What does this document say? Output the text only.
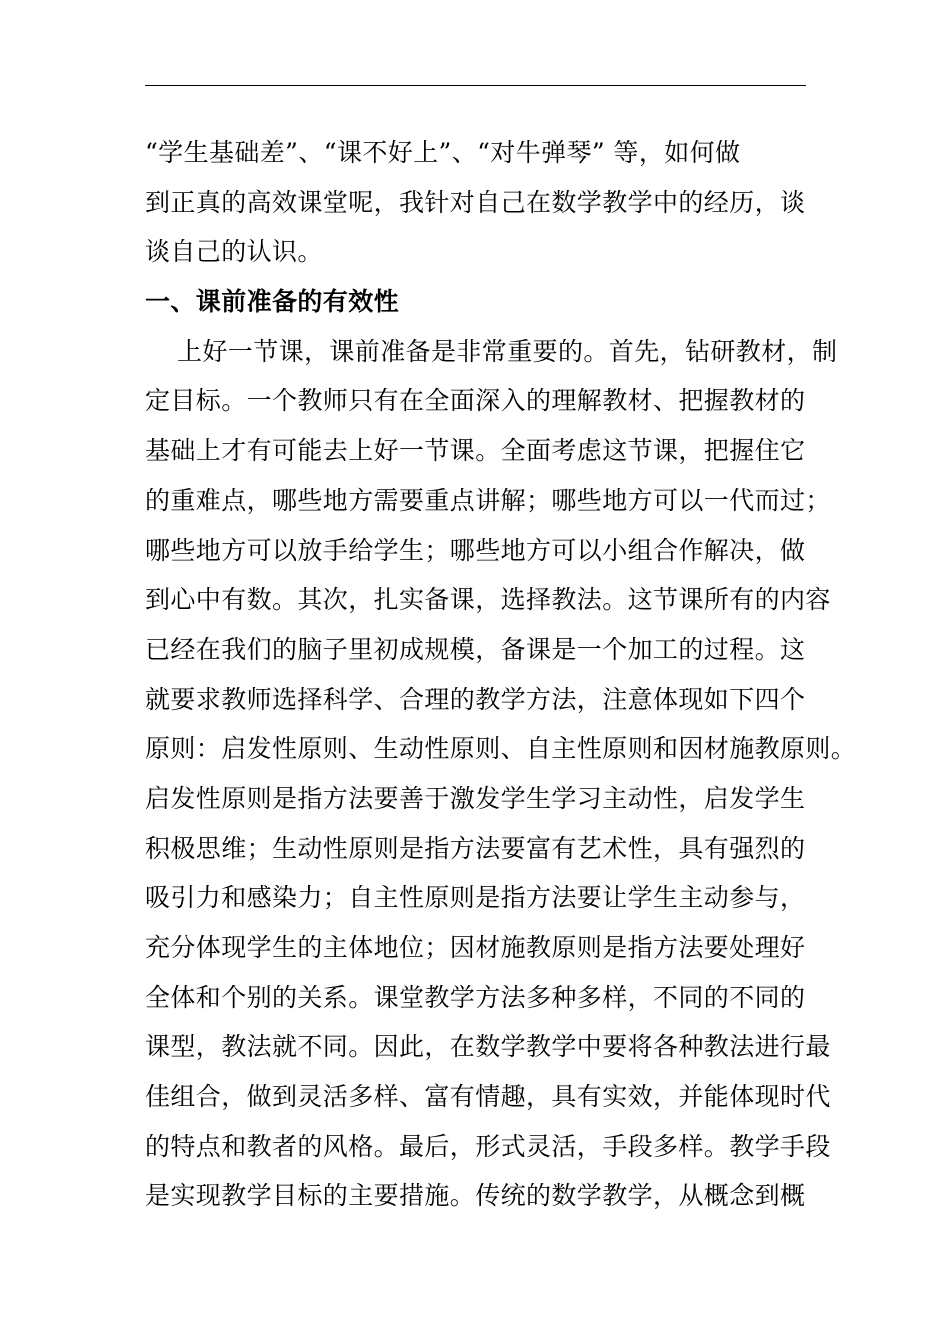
“学生基础差”、“课不好上”、“对牛弹琴” 等，如何做
到正真的高效课堂呢，我针对自己在数学教学中的经历，谈
谈自己的认识。
一、课前准备的有效性
上好一节课，课前准备是非常重要的。首先，钻研教材，制
定目标。一个教师只有在全面深入的理解教材、把握教材的
基础上才有可能去上好一节课。全面考虑这节课，把握住它
的重难点，哪些地方需要重点讲解；哪些地方可以一代而过；
哪些地方可以放手给学生；哪些地方可以小组合作解决，做
到心中有数。其次，扎实备课，选择教法。这节课所有的内容
已经在我们的脑子里初成规模，备课是一个加工的过程。这
就要求教师选择科学、合理的教学方法，注意体现如下四个
原则：启发性原则、生动性原则、自主性原则和因材施教原则。
启发性原则是指方法要善于激发学生学习主动性，启发学生
积极思维；生动性原则是指方法要富有艺术性，具有强烈的
吸引力和感染力；自主性原则是指方法要让学生主动参与，
充分体现学生的主体地位；因材施教原则是指方法要处理好
全体和个别的关系。课堂教学方法多种多样，不同的不同的
课型，教法就不同。因此，在数学教学中要将各种教法进行最
佳组合，做到灵活多样、富有情趣，具有实效，并能体现时代
的特点和教者的风格。最后，形式灵活，手段多样。教学手段
是实现教学目标的主要措施。传统的数学教学，从概念到概
